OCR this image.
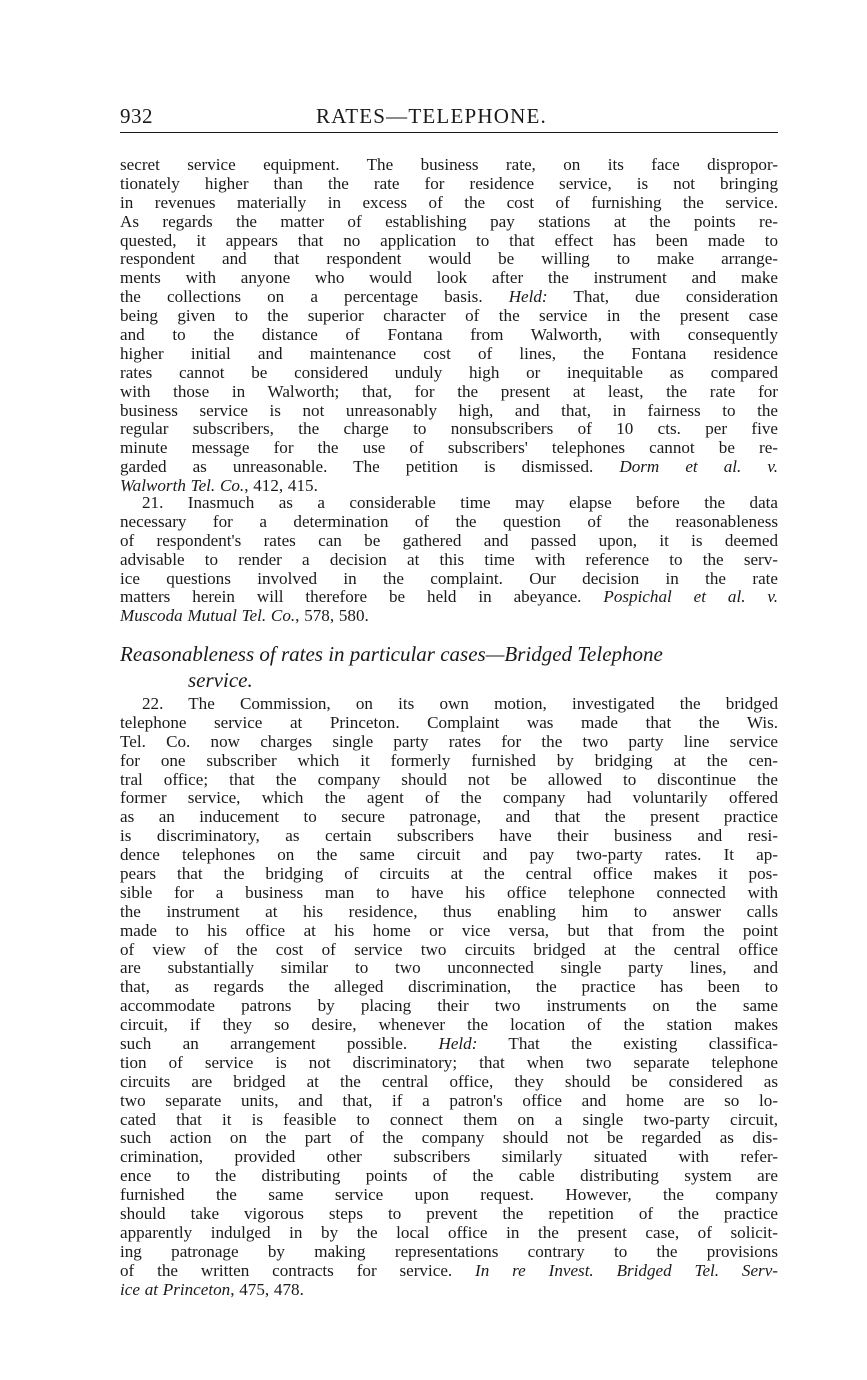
932	RATES—TELEPHONE.
secret service equipment. The business rate, on its face dispropor-
tionately higher than the rate for residence service, is not bringing
in revenues materially in excess of the cost of furnishing the service.
As regards the matter of establishing pay stations at the points re-
quested, it appears that no application to that effect has been made to
respondent and that respondent would be willing to make arrange-
ments with anyone who would look after the instrument and make
the collections on a percentage basis. Held: That, due consideration
being given to the superior character of the service in the present case
and to the distance of Fontana from Walworth, with consequently
higher initial and maintenance cost of lines, the Fontana residence
rates cannot be considered unduly high or inequitable as compared
with those in Walworth; that, for the present at least, the rate for
business service is not unreasonably high, and that, in fairness to the
regular subscribers, the charge to nonsubscribers of 10 cts. per five
minute message for the use of subscribers' telephones cannot be re-
garded as unreasonable. The petition is dismissed. Dorm et al. v.
Walworth Tel. Co., 412, 415.
21. Inasmuch as a considerable time may elapse before the data
necessary for a determination of the question of the reasonableness
of respondent's rates can be gathered and passed upon, it is deemed
advisable to render a decision at this time with reference to the serv-
ice questions involved in the complaint. Our decision in the rate
matters herein will therefore be held in abeyance. Pospichal et al. v.
Muscoda Mutual Tel. Co., 578, 580.
Reasonableness of rates in particular cases—Bridged Telephone
service.
22. The Commission, on its own motion, investigated the bridged
telephone service at Princeton. Complaint was made that the Wis.
Tel. Co. now charges single party rates for the two party line service
for one subscriber which it formerly furnished by bridging at the cen-
tral office; that the company should not be allowed to discontinue the
former service, which the agent of the company had voluntarily offered
as an inducement to secure patronage, and that the present practice
is discriminatory, as certain subscribers have their business and resi-
dence telephones on the same circuit and pay two-party rates. It ap-
pears that the bridging of circuits at the central office makes it pos-
sible for a business man to have his office telephone connected with
the instrument at his residence, thus enabling him to answer calls
made to his office at his home or vice versa, but that from the point
of view of the cost of service two circuits bridged at the central office
are substantially similar to two unconnected single party lines, and
that, as regards the alleged discrimination, the practice has been to
accommodate patrons by placing their two instruments on the same
circuit, if they so desire, whenever the location of the station makes
such an arrangement possible. Held: That the existing classifica-
tion of service is not discriminatory; that when two separate telephone
circuits are bridged at the central office, they should be considered as
two separate units, and that, if a patron's office and home are so lo-
cated that it is feasible to connect them on a single two-party circuit,
such action on the part of the company should not be regarded as dis-
crimination, provided other subscribers similarly situated with refer-
ence to the distributing points of the cable distributing system are
furnished the same service upon request. However, the company
should take vigorous steps to prevent the repetition of the practice
apparently indulged in by the local office in the present case, of solicit-
ing patronage by making representations contrary to the provisions
of the written contracts for service. In re Invest. Bridged Tel. Serv-
ice at Princeton, 475, 478.
